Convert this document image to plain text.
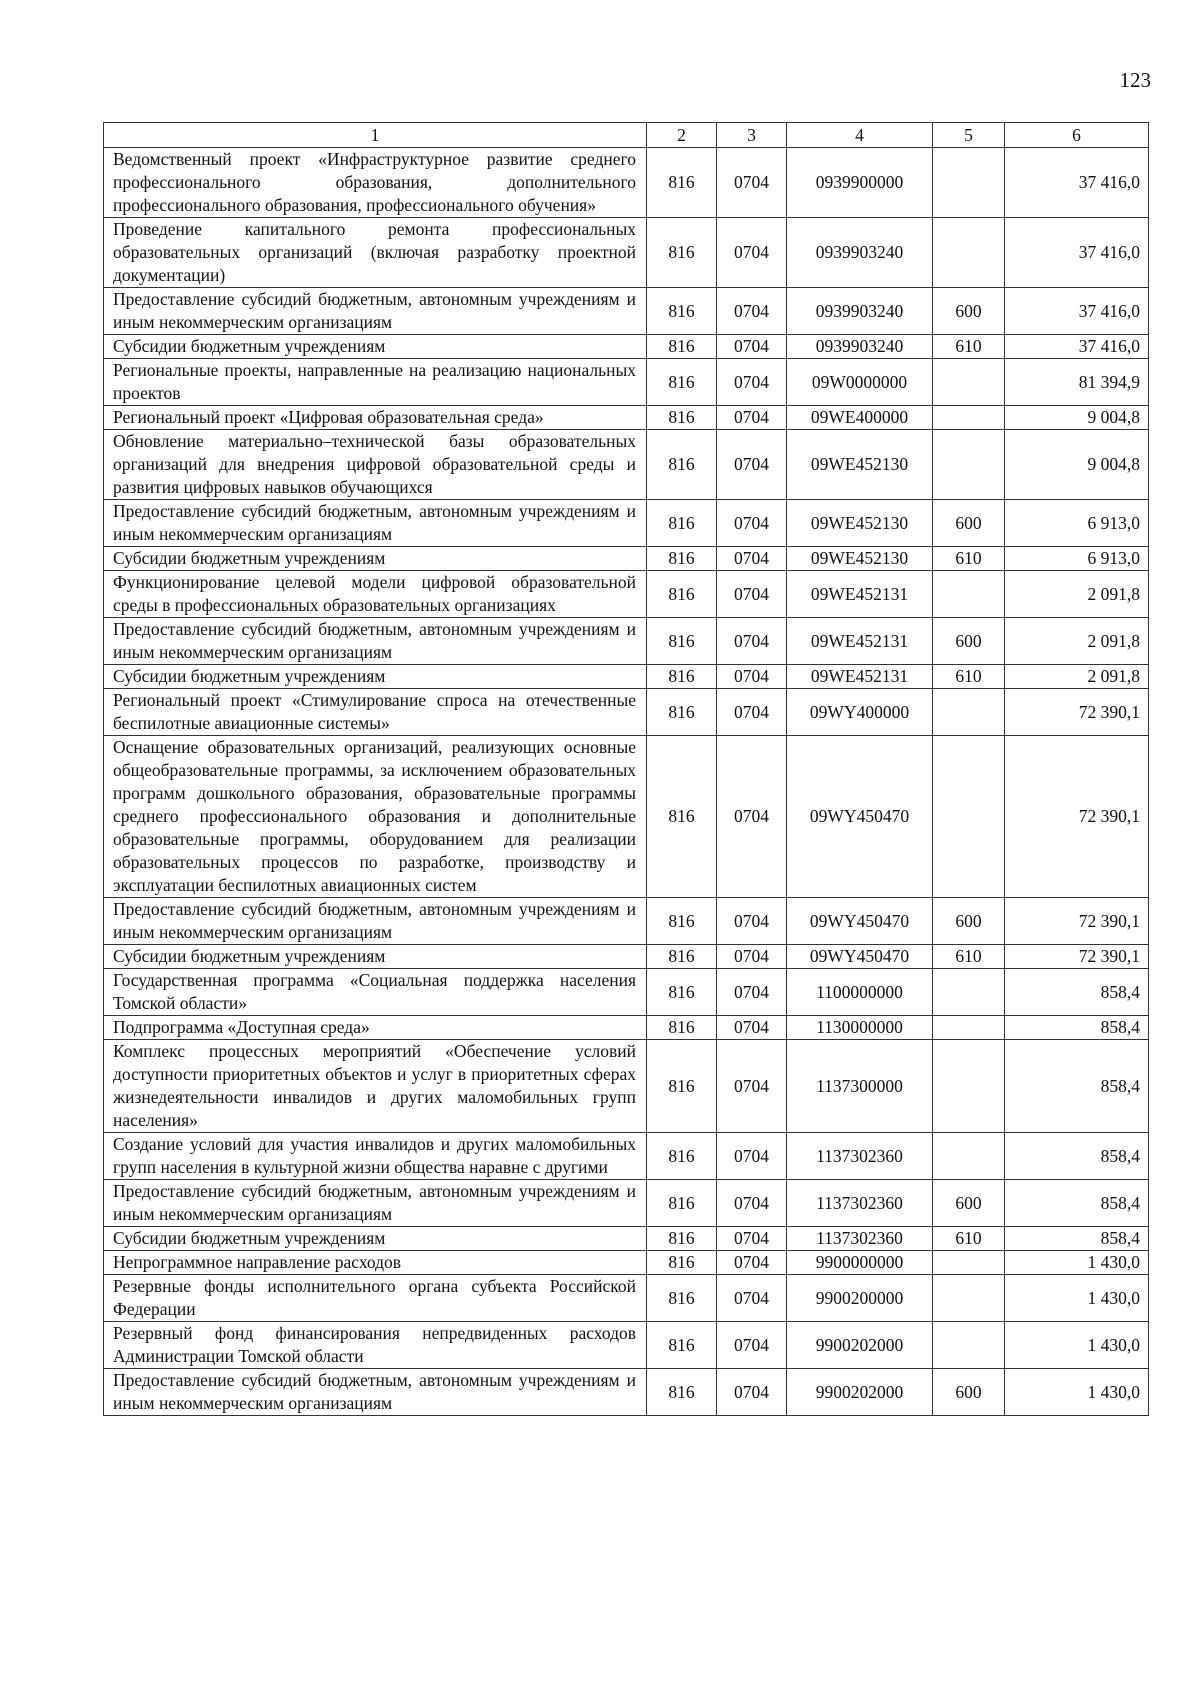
123
1	2	3	4	5	6
Ведомственный проект «Инфраструктурное развитие среднего профессионального образования, дополнительного профессионального образования, профессионального обучения»	816	0704	0939900000		37 416,0
Проведение капитального ремонта профессиональных образовательных организаций (включая разработку проектной документации)	816	0704	0939903240		37 416,0
Предоставление субсидий бюджетным, автономным учреждениям и иным некоммерческим организациям	816	0704	0939903240	600	37 416,0
Субсидии бюджетным учреждениям	816	0704	0939903240	610	37 416,0
Региональные проекты, направленные на реализацию национальных проектов	816	0704	09W0000000		81 394,9
Региональный проект «Цифровая образовательная среда»	816	0704	09WE400000		9 004,8
Обновление материально–технической базы образовательных организаций для внедрения цифровой образовательной среды и развития цифровых навыков обучающихся	816	0704	09WE452130		9 004,8
Предоставление субсидий бюджетным, автономным учреждениям и иным некоммерческим организациям	816	0704	09WE452130	600	6 913,0
Субсидии бюджетным учреждениям	816	0704	09WE452130	610	6 913,0
Функционирование целевой модели цифровой образовательной среды в профессиональных образовательных организациях	816	0704	09WE452131		2 091,8
Предоставление субсидий бюджетным, автономным учреждениям и иным некоммерческим организациям	816	0704	09WE452131	600	2 091,8
Субсидии бюджетным учреждениям	816	0704	09WE452131	610	2 091,8
Региональный проект «Стимулирование спроса на отечественные беспилотные авиационные системы»	816	0704	09WY400000		72 390,1
Оснащение образовательных организаций, реализующих основные общеобразовательные программы, за исключением образовательных программ дошкольного образования, образовательные программы среднего профессионального образования и дополнительные образовательные программы, оборудованием для реализации образовательных процессов по разработке, производству и эксплуатации беспилотных авиационных систем	816	0704	09WY450470		72 390,1
Предоставление субсидий бюджетным, автономным учреждениям и иным некоммерческим организациям	816	0704	09WY450470	600	72 390,1
Субсидии бюджетным учреждениям	816	0704	09WY450470	610	72 390,1
Государственная программа «Социальная поддержка населения Томской области»	816	0704	1100000000		858,4
Подпрограмма «Доступная среда»	816	0704	1130000000		858,4
Комплекс процессных мероприятий «Обеспечение условий доступности приоритетных объектов и услуг в приоритетных сферах жизнедеятельности инвалидов и других маломобильных групп населения»	816	0704	1137300000		858,4
Создание условий для участия инвалидов и других маломобильных групп населения в культурной жизни общества наравне с другими	816	0704	1137302360		858,4
Предоставление субсидий бюджетным, автономным учреждениям и иным некоммерческим организациям	816	0704	1137302360	600	858,4
Субсидии бюджетным учреждениям	816	0704	1137302360	610	858,4
Непрограммное направление расходов	816	0704	9900000000		1 430,0
Резервные фонды исполнительного органа субъекта Российской Федерации	816	0704	9900200000		1 430,0
Резервный фонд финансирования непредвиденных расходов Администрации Томской области	816	0704	9900202000		1 430,0
Предоставление субсидий бюджетным, автономным учреждениям и иным некоммерческим организациям	816	0704	9900202000	600	1 430,0
